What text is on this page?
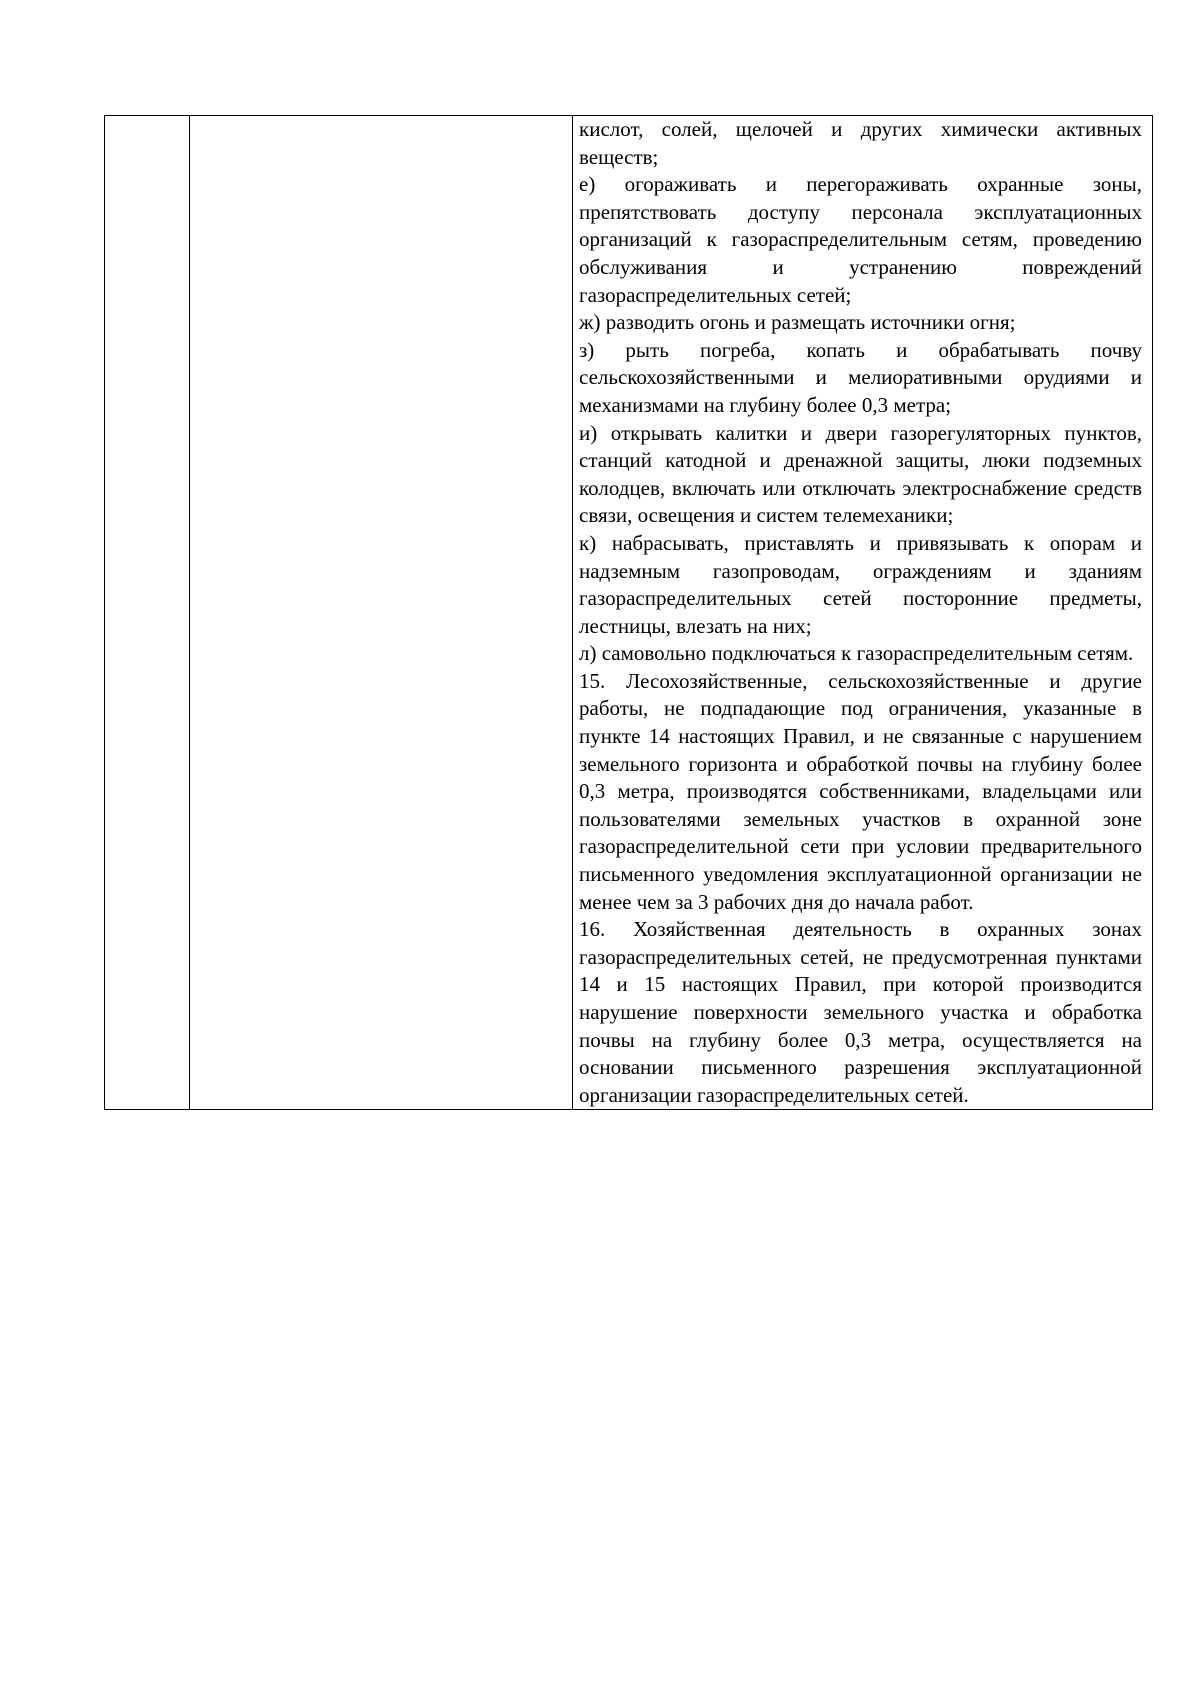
кислот, солей, щелочей и других химически активных веществ;

е) огораживать и перегораживать охранные зоны, препятствовать доступу персонала эксплуатационных организаций к газораспределительным сетям, проведению обслуживания и устранению повреждений газораспределительных сетей;

ж) разводить огонь и размещать источники огня;

з) рыть погреба, копать и обрабатывать почву сельскохозяйственными и мелиоративными орудиями и механизмами на глубину более 0,3 метра;

и) открывать калитки и двери газорегуляторных пунктов, станций катодной и дренажной защиты, люки подземных колодцев, включать или отключать электроснабжение средств связи, освещения и систем телемеханики;

к) набрасывать, приставлять и привязывать к опорам и надземным газопроводам, ограждениям и зданиям газораспределительных сетей посторонние предметы, лестницы, влезать на них;

л) самовольно подключаться к газораспределительным сетям.

15. Лесохозяйственные, сельскохозяйственные и другие работы, не подпадающие под ограничения, указанные в пункте 14 настоящих Правил, и не связанные с нарушением земельного горизонта и обработкой почвы на глубину более 0,3 метра, производятся собственниками, владельцами или пользователями земельных участков в охранной зоне газораспределительной сети при условии предварительного письменного уведомления эксплуатационной организации не менее чем за 3 рабочих дня до начала работ.

16. Хозяйственная деятельность в охранных зонах газораспределительных сетей, не предусмотренная пунктами 14 и 15 настоящих Правил, при которой производится нарушение поверхности земельного участка и обработка почвы на глубину более 0,3 метра, осуществляется на основании письменного разрешения эксплуатационной организации газораспределительных сетей.
